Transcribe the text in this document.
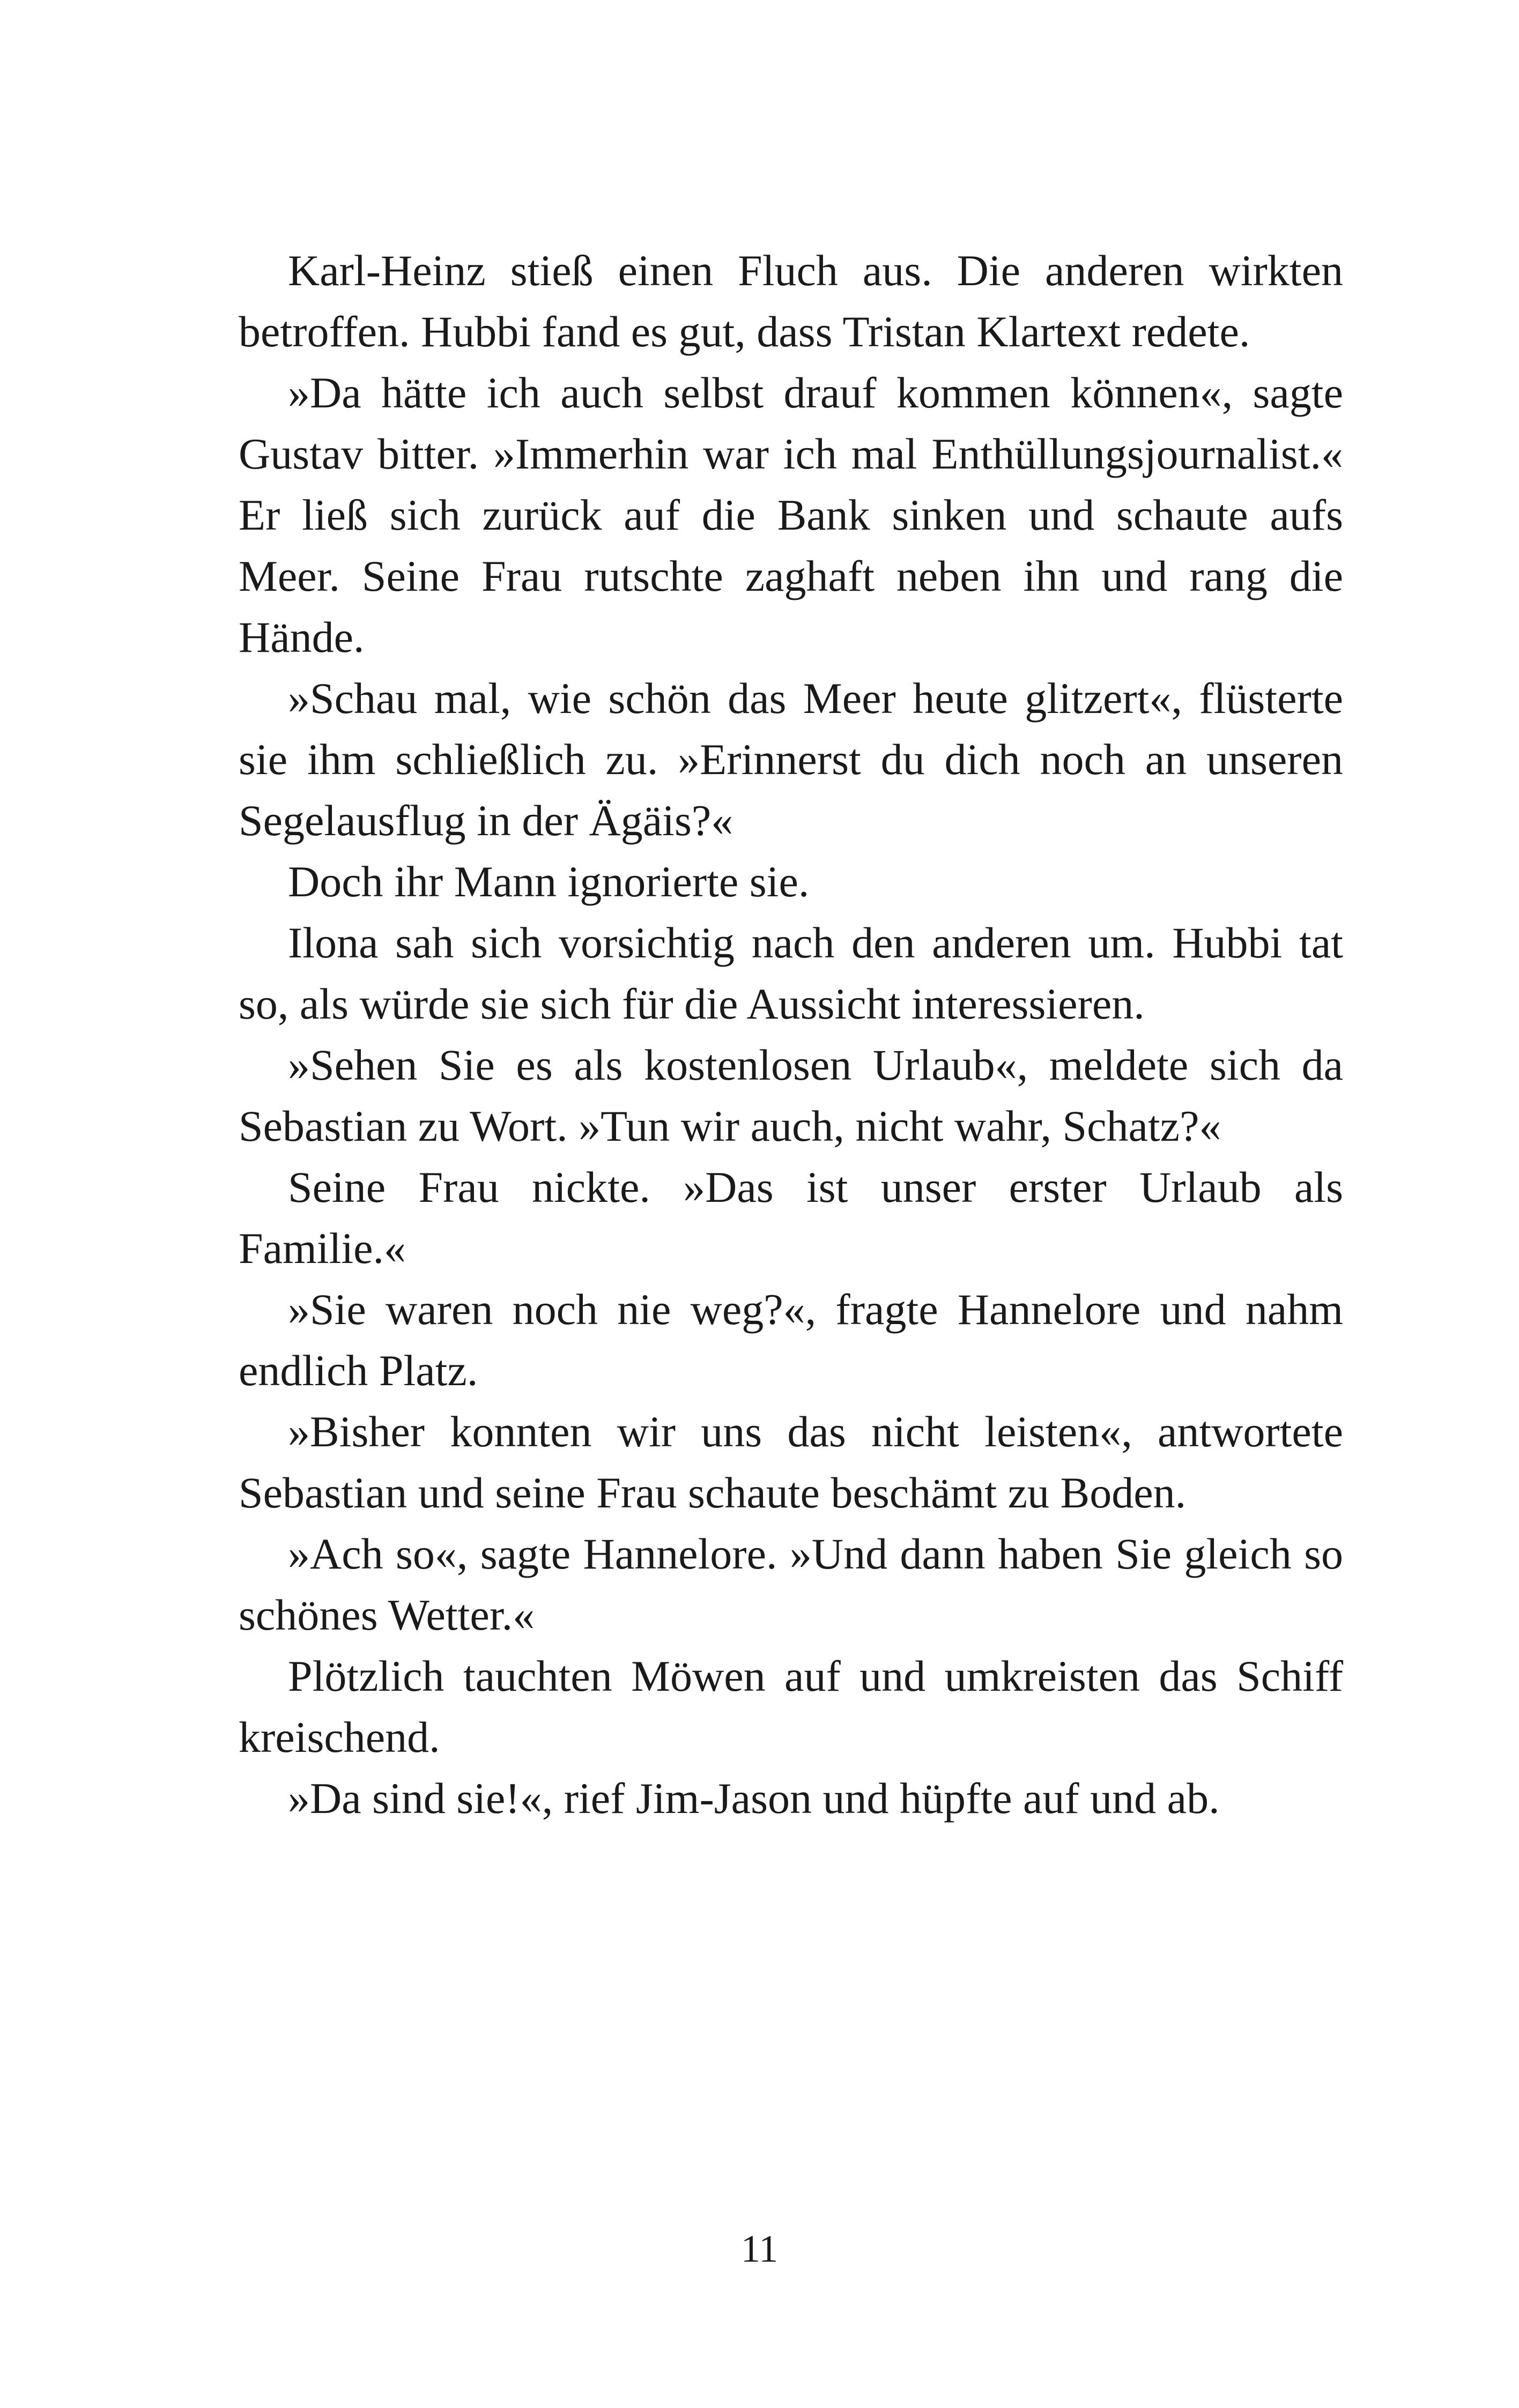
Karl-Heinz stieß einen Fluch aus. Die anderen wirkten betroffen. Hubbi fand es gut, dass Tristan Klartext redete.

»Da hätte ich auch selbst drauf kommen können«, sagte Gustav bitter. »Immerhin war ich mal Enthüllungsjournalist.« Er ließ sich zurück auf die Bank sinken und schaute aufs Meer. Seine Frau rutschte zaghaft neben ihn und rang die Hände.

»Schau mal, wie schön das Meer heute glitzert«, flüsterte sie ihm schließlich zu. »Erinnerst du dich noch an unseren Segelausflug in der Ägäis?«

Doch ihr Mann ignorierte sie.

Ilona sah sich vorsichtig nach den anderen um. Hubbi tat so, als würde sie sich für die Aussicht interessieren.

»Sehen Sie es als kostenlosen Urlaub«, meldete sich da Sebastian zu Wort. »Tun wir auch, nicht wahr, Schatz?«

Seine Frau nickte. »Das ist unser erster Urlaub als Familie.«

»Sie waren noch nie weg?«, fragte Hannelore und nahm endlich Platz.

»Bisher konnten wir uns das nicht leisten«, antwortete Sebastian und seine Frau schaute beschämt zu Boden.

»Ach so«, sagte Hannelore. »Und dann haben Sie gleich so schönes Wetter.«

Plötzlich tauchten Möwen auf und umkreisten das Schiff kreischend.

»Da sind sie!«, rief Jim-Jason und hüpfte auf und ab.

11
